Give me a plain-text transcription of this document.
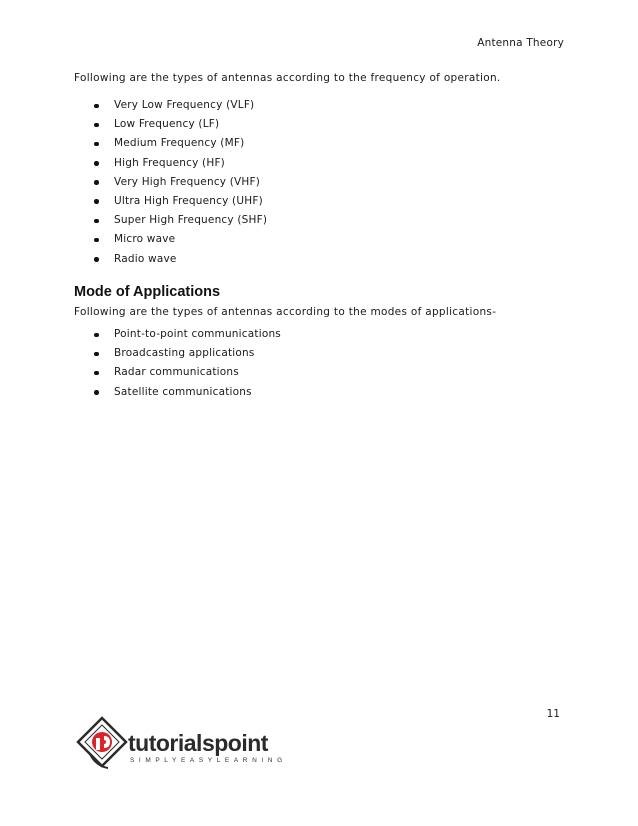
Antenna Theory

Following are the types of antennas according to the frequency of operation.

Very Low Frequency (VLF)
Low Frequency (LF)
Medium Frequency (MF)
High Frequency (HF)
Very High Frequency (VHF)
Ultra High Frequency (UHF)
Super High Frequency (SHF)
Micro wave
Radio wave
Mode of Applications

Following are the types of antennas according to the modes of applications-

Point-to-point communications
Broadcasting applications
Radar communications
Satellite communications
11
tutorialspoint
SIMPLYEASYLEARNING
